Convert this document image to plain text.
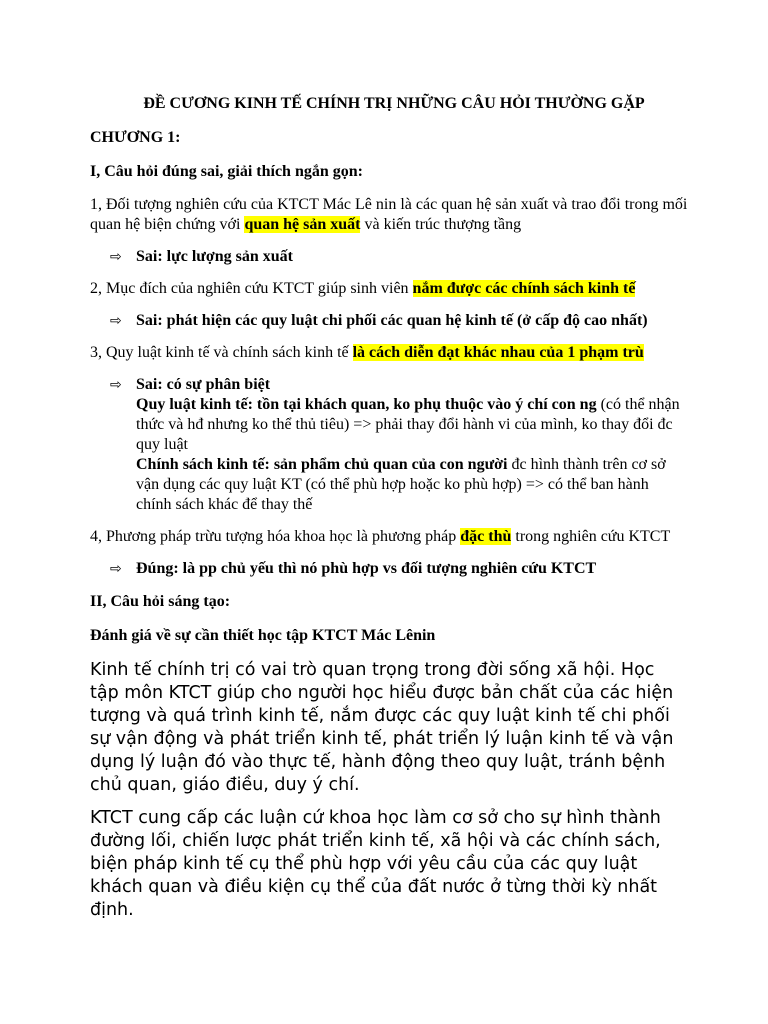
ĐỀ CƯƠNG KINH TẾ CHÍNH TRỊ NHỮNG CÂU HỎI THƯỜNG GẶP
CHƯƠNG 1:
I, Câu hỏi đúng sai, giải thích ngắn gọn:
1, Đối tượng nghiên cứu của KTCT Mác Lê nin là các quan hệ sản xuất và trao đổi trong mối quan hệ biện chứng với quan hệ sản xuất và kiến trúc thượng tầng
⇨ Sai: lực lượng sản xuất
2, Mục đích của nghiên cứu KTCT giúp sinh viên nắm được các chính sách kinh tế
⇨ Sai: phát hiện các quy luật chi phối các quan hệ kinh tế (ở cấp độ cao nhất)
3, Quy luật kinh tế và chính sách kinh tế là cách diễn đạt khác nhau của 1 phạm trù
⇨ Sai: có sự phân biệt
Quy luật kinh tế: tồn tại khách quan, ko phụ thuộc vào ý chí con ng (có thể nhận thức và hđ nhưng ko thể thủ tiêu) => phải thay đổi hành vi của mình, ko thay đổi đc quy luật
Chính sách kinh tế: sản phẩm chủ quan của con người đc hình thành trên cơ sở vận dụng các quy luật KT (có thể phù hợp hoặc ko phù hợp) => có thể ban hành chính sách khác để thay thế
4, Phương pháp trừu tượng hóa khoa học là phương pháp đặc thù trong nghiên cứu KTCT
⇨ Đúng: là pp chủ yếu thì nó phù hợp vs đối tượng nghiên cứu KTCT
II, Câu hỏi sáng tạo:
Đánh giá về sự cần thiết học tập KTCT Mác Lênin
Kinh tế chính trị có vai trò quan trọng trong đời sống xã hội. Học tập môn KTCT giúp cho người học hiểu được bản chất của các hiện tượng và quá trình kinh tế, nắm được các quy luật kinh tế chi phối sự vận động và phát triển kinh tế, phát triển lý luận kinh tế và vận dụng lý luận đó vào thực tế, hành động theo quy luật, tránh bệnh chủ quan, giáo điều, duy ý chí.
KTCT cung cấp các luận cứ khoa học làm cơ sở cho sự hình thành đường lối, chiến lược phát triển kinh tế, xã hội và các chính sách, biện pháp kinh tế cụ thể phù hợp với yêu cầu của các quy luật khách quan và điều kiện cụ thể của đất nước ở từng thời kỳ nhất định.
